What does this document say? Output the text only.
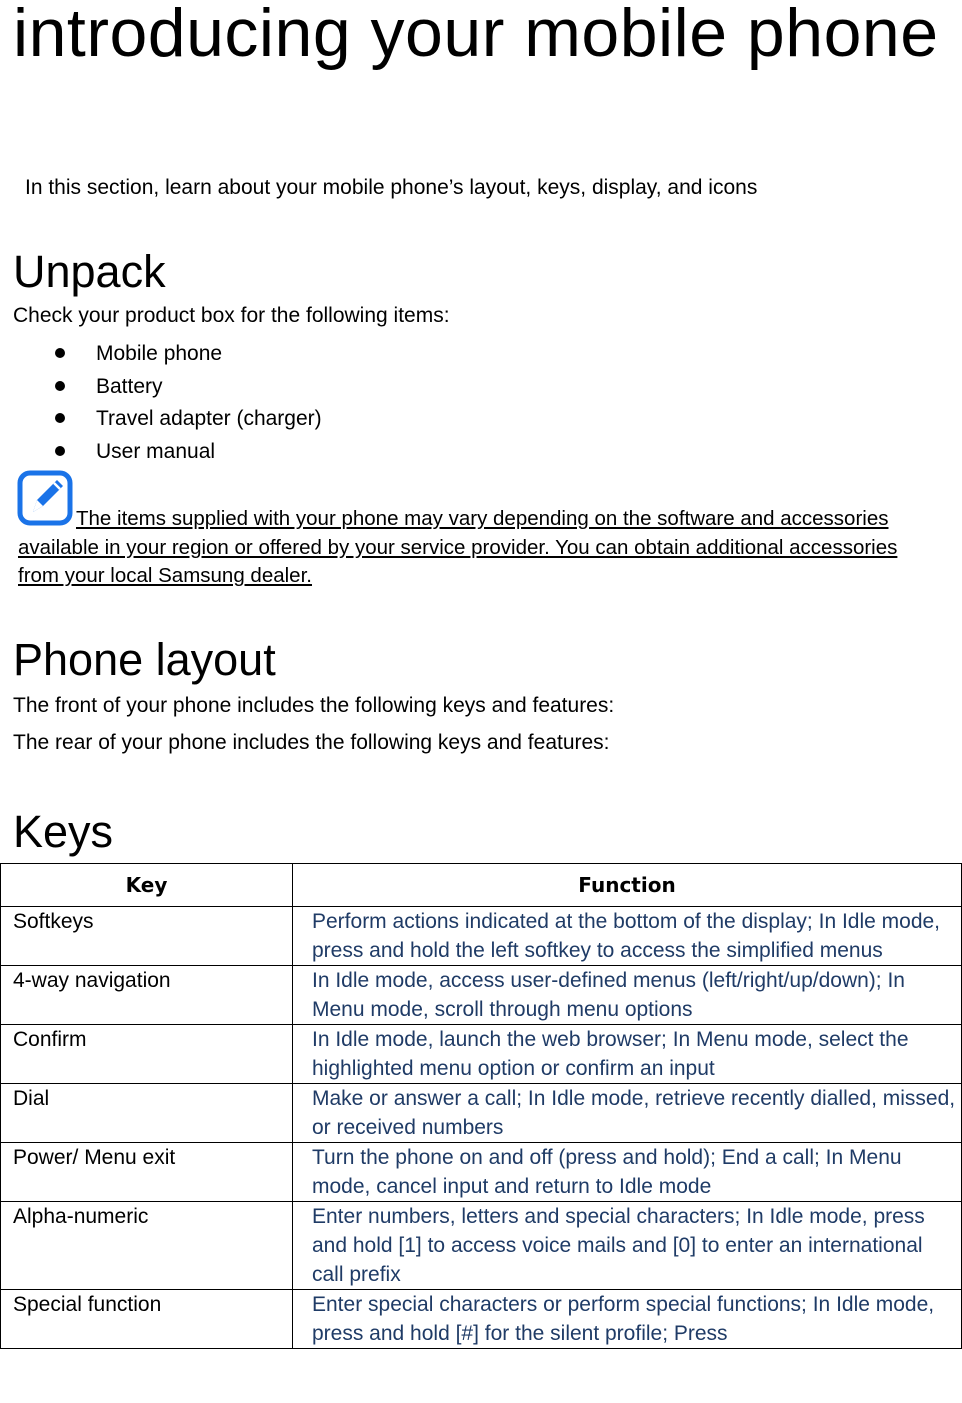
introducing your mobile phone

In this section, learn about your mobile phone’s layout, keys, display, and icons

Unpack

Check your product box for the following items:

Mobile phone
Battery
Travel adapter (charger)
User manual

The items supplied with your phone may vary depending on the software and accessories available in your region or offered by your service provider. You can obtain additional accessories from your local Samsung dealer.

Phone layout

The front of your phone includes the following keys and features:

The rear of your phone includes the following keys and features:

Keys
Key	Function
Softkeys	Perform actions indicated at the bottom of the display; In Idle mode, press and hold the left softkey to access the simplified menus
4-way navigation	In Idle mode, access user-defined menus (left/right/up/down); In Menu mode, scroll through menu options
Confirm	In Idle mode, launch the web browser; In Menu mode, select the highlighted menu option or confirm an input
Dial	Make or answer a call; In Idle mode, retrieve recently dialled, missed, or received numbers
Power/ Menu exit	Turn the phone on and off (press and hold); End a call; In Menu mode, cancel input and return to Idle mode
Alpha-numeric	Enter numbers, letters and special characters; In Idle mode, press and hold [1] to access voice mails and [0] to enter an international call prefix
Special function	Enter special characters or perform special functions; In Idle mode, press and hold [#] for the silent profile; Press
